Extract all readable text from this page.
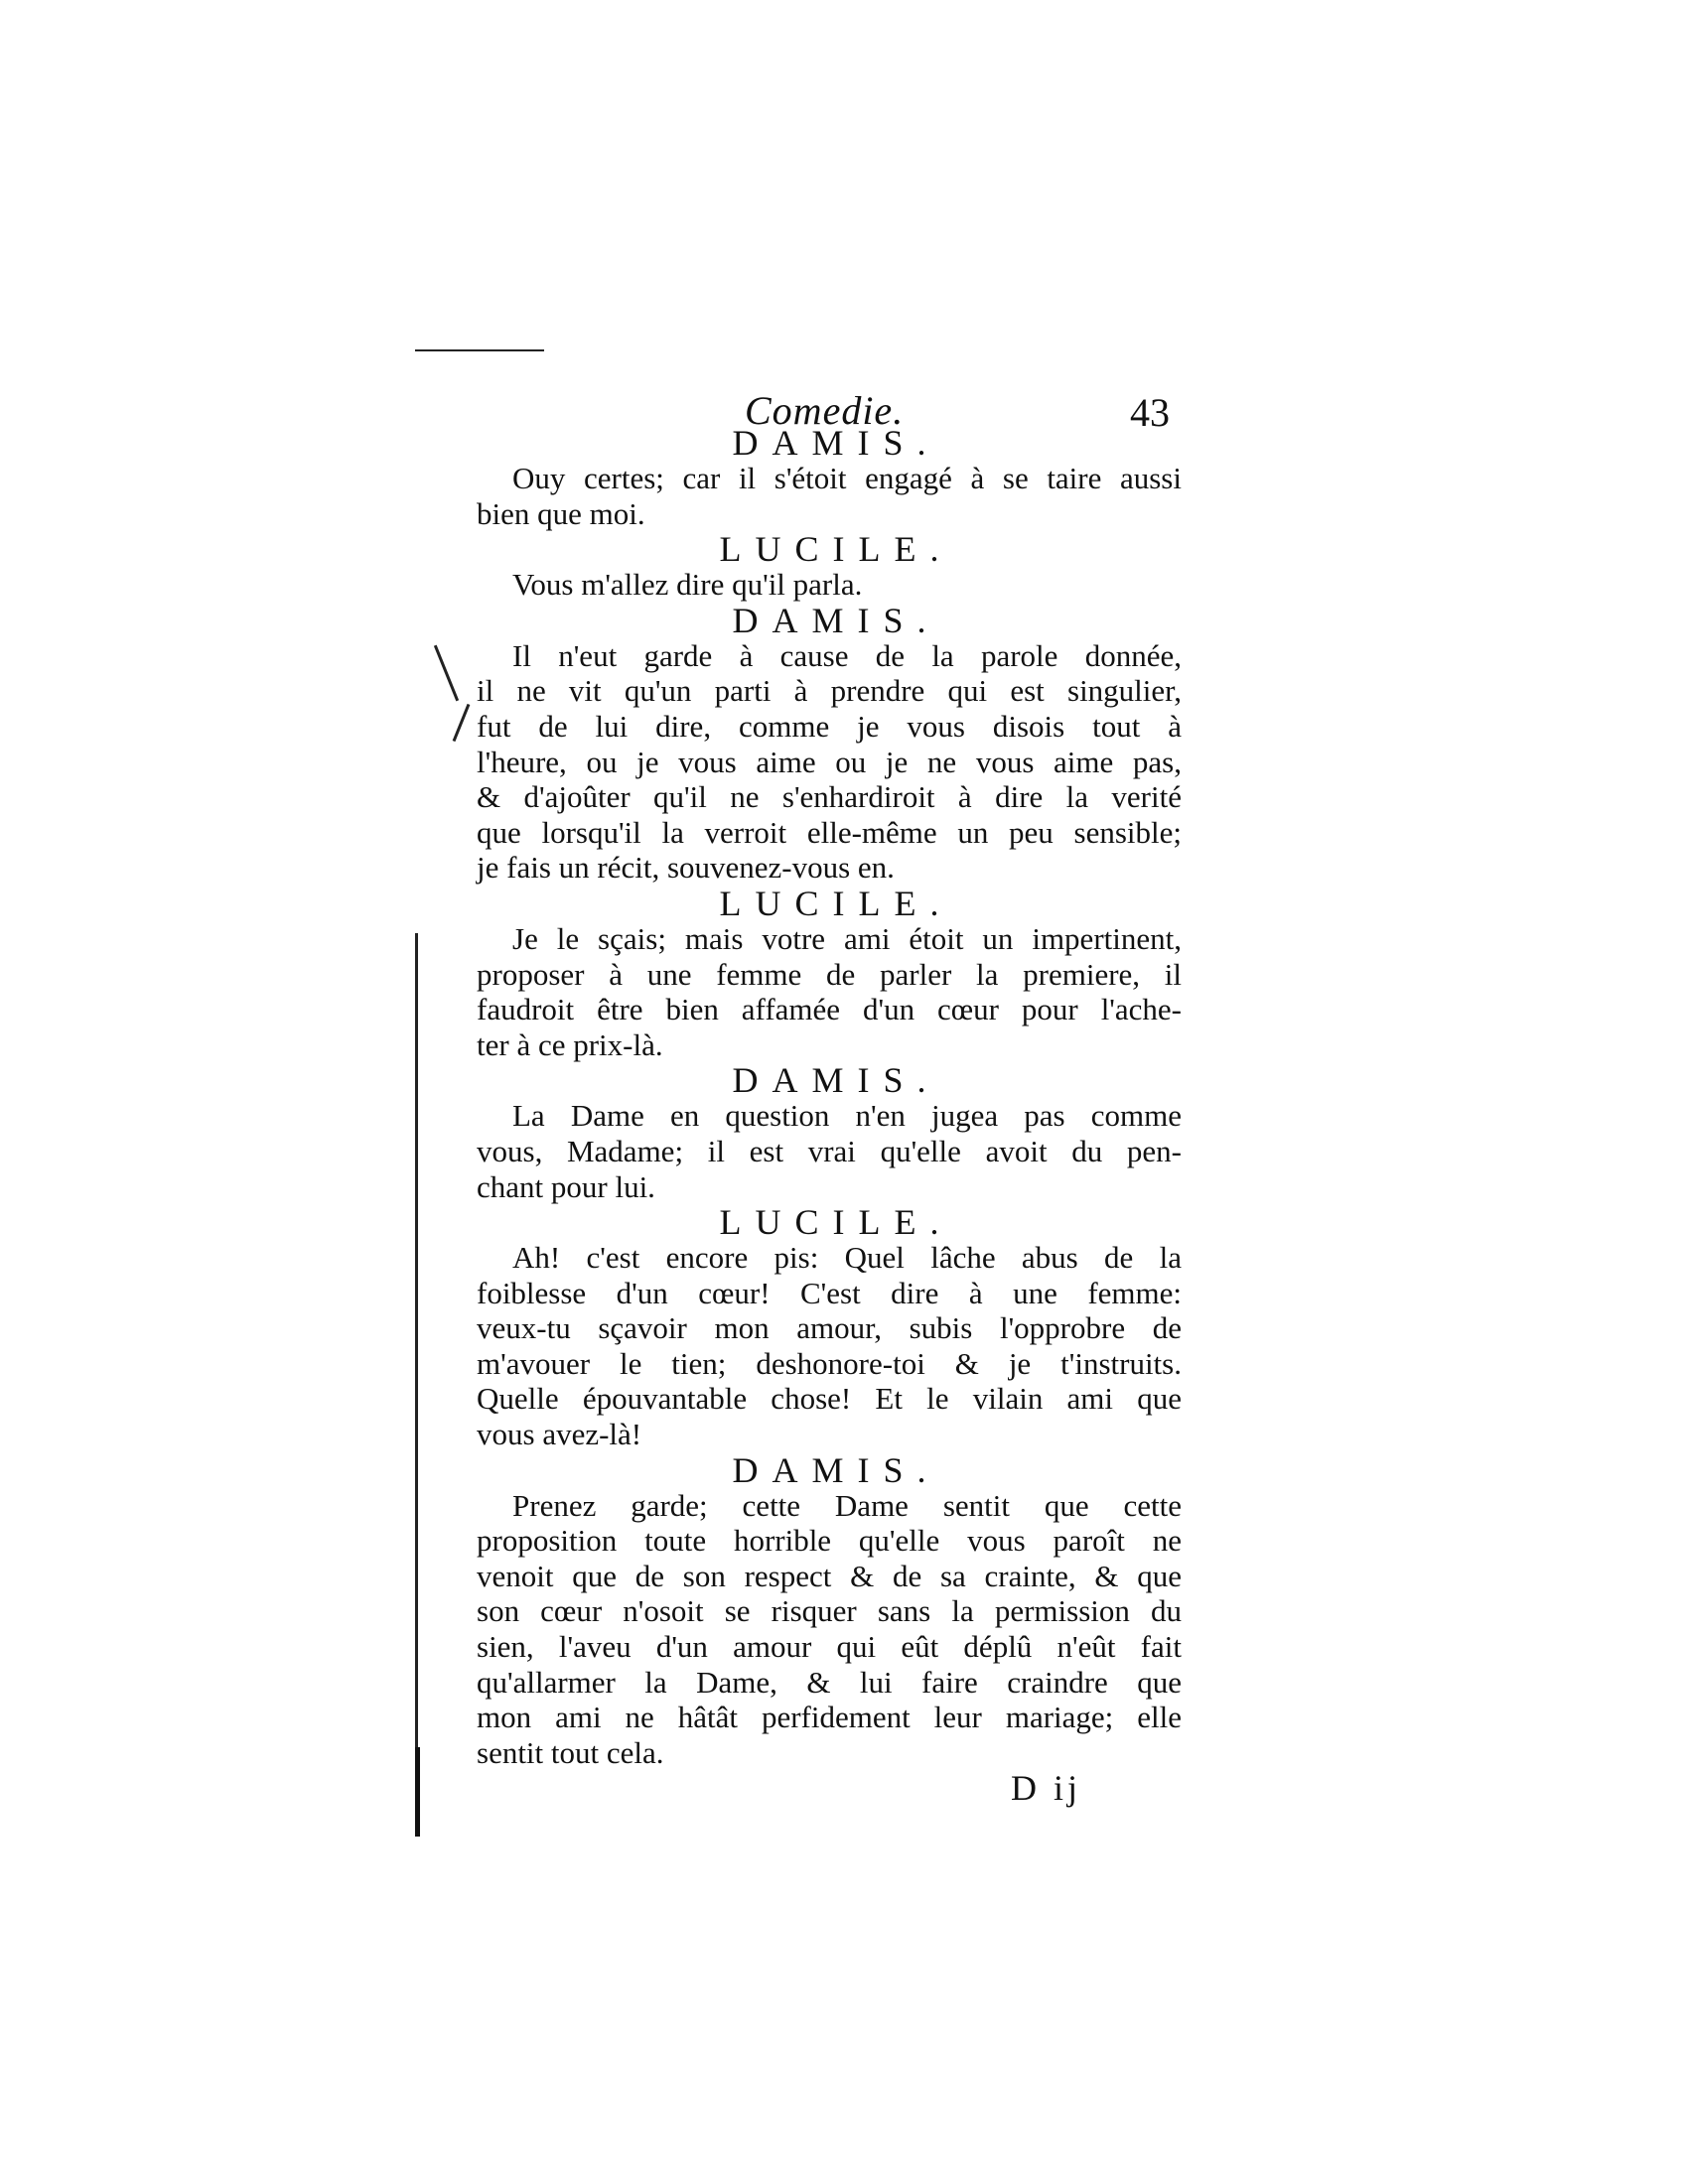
Comedie.	43
DAMIS.
Ouy certes; car il s'étoit engagé à se taire aussi
bien que moi.
LUCILE.
Vous m'allez dire qu'il parla.
DAMIS.
Il n'eut garde à cause de la parole donnée,
il ne vit qu'un parti à prendre qui est singulier,
fut de lui dire, comme je vous disois tout à
l'heure, ou je vous aime ou je ne vous aime pas,
& d'ajoûter qu'il ne s'enhardiroit à dire la verité
que lorsqu'il la verroit elle-même un peu sensible;
je fais un récit, souvenez-vous en.
LUCILE.
Je le sçais; mais votre ami étoit un impertinent,
proposer à une femme de parler la premiere, il
faudroit être bien affamée d'un cœur pour l'ache-
ter à ce prix-là.
DAMIS.
La Dame en question n'en jugea pas comme
vous, Madame; il est vrai qu'elle avoit du pen-
chant pour lui.
LUCILE.
Ah! c'est encore pis: Quel lâche abus de la
foiblesse d'un cœur! C'est dire à une femme:
veux-tu sçavoir mon amour, subis l'opprobre de
m'avouer le tien; deshonore-toi & je t'instruits.
Quelle épouvantable chose! Et le vilain ami que
vous avez-là!
DAMIS.
Prenez garde; cette Dame sentit que cette
proposition toute horrible qu'elle vous paroît ne
venoit que de son respect & de sa crainte, & que
son cœur n'osoit se risquer sans la permission du
sien, l'aveu d'un amour qui eût déplû n'eût fait
qu'allarmer la Dame, & lui faire craindre que
mon ami ne hâtât perfidement leur mariage; elle
sentit tout cela.
D ij
